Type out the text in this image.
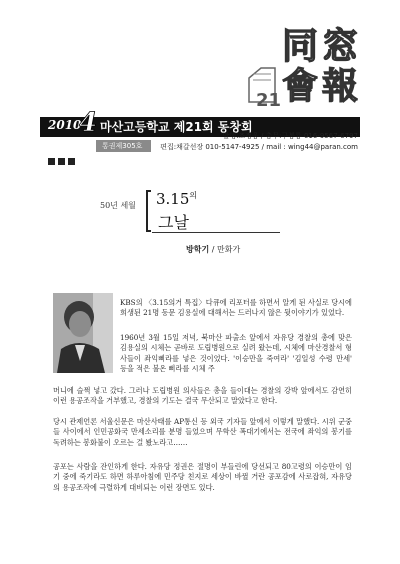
21
同 窓
會 報
2010
4 마산고등학교 제21회 동창회
통권제305호
발행:조정웅 / 총무:구봉룡 016-9567-6797
편집:채갈선장 010-5147-4925 / mail : wing44@paran.com
50년 세월 $3.15^의$
그날
방학기 / 만화가

KBS의 〈3.15의거 특집〉다큐에 리포터를 하면서 알게 된 사실로 당시에 희생된 21명 동문 김용실에 대해서는 드러나지 않은 뒷이야기가 있었다.

1960년 3월 15일 저녁, 북마산 파출소 앞에서 자유당 경찰의 총에 맞은 김용실의 시체는 곧바로 도립병원으로 실려 왔는데, 시체에 마산경찰서 형사들이 좌익삐라를 넣은 것이었다. '이승만을 죽여라' '김일성 수령 만세' 등을 적은 불온 삐라를 시체 주

머니에 슬쩍 넣고 갔다. 그러나 도립병원 의사들은 총을 들이대는 경찰의 강박 앞에서도 감연히 이런 용공조작을 거부했고, 경찰의 기도는 결국 무산되고 말았다고 한다.

당시 관제언론 서울신문은 마산사태를 AP통신 등 외국 기자들 앞에서 이렇게 말했다. 시위 군중들 사이에서 인민공화국 만세소리를 분명 들었으며 무학산 폭대기에서는 전국에 좌익의 봉기를 독려하는 봉화불이 오르는 걸 봤노라고……

공포는 사람을 잔인하게 한다. 자유당 정권은 절명이 부들린에 당선되고 80고령의 이승만이 임기 중에 죽기라도 하면 하루아침에 민주당 친지로 세상이 바뀔 거란 공포감에 사로잡혀, 자유당의 용공조작에 극렬하게 대비되는 이런 장면도 있다.
